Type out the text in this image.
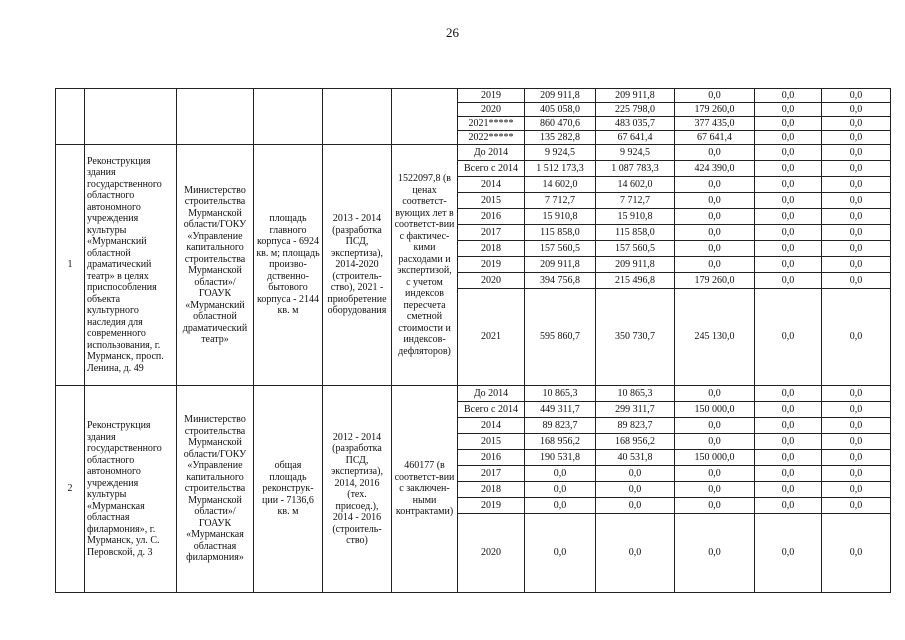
26
						2019	209 911,8	209 911,8	0,0	0,0	0,0
						2020	405 058,0	225 798,0	179 260,0	0,0	0,0
						2021*****	860 470,6	483 035,7	377 435,0	0,0	0,0
						2022*****	135 282,8	67 641,4	67 641,4	0,0	0,0
1	Реконструкция здания государственного областного автономного учреждения культуры «Мурманский областной драматический театр» в целях приспособления объекта культурного наследия для современного использования, г. Мурманск, просп. Ленина, д. 49	Министерство строительства Мурманской области/ГОКУ «Управление капитального строительства Мурманской области»/ ГОАУК «Мурманский областной драматический театр»	площадь главного корпуса - 6924 кв. м; площадь произво-дственно-бытового корпуса - 2144 кв. м	2013 - 2014 (разработка ПСД, экспертиза), 2014-2020 (строитель-ство), 2021 - приобретение оборудования	1522097,8 (в ценах соответст-вующих лет в соответст-вии с фактичес-кими расходами и экспертизой, с учетом индексов пересчета сметной стоимости и индексов-дефляторов)	До 2014	9 924,5	9 924,5	0,0	0,0	0,0
						Всего с 2014	1 512 173,3	1 087 783,3	424 390,0	0,0	0,0
						2014	14 602,0	14 602,0	0,0	0,0	0,0
						2015	7 712,7	7 712,7	0,0	0,0	0,0
						2016	15 910,8	15 910,8	0,0	0,0	0,0
						2017	115 858,0	115 858,0	0,0	0,0	0,0
						2018	157 560,5	157 560,5	0,0	0,0	0,0
						2019	209 911,8	209 911,8	0,0	0,0	0,0
						2020	394 756,8	215 496,8	179 260,0	0,0	0,0
						2021	595 860,7	350 730,7	245 130,0	0,0	0,0
2	Реконструкция здания государственного областного автономного учреждения культуры «Мурманская областная филармония», г. Мурманск, ул. С. Перовской, д. 3	Министерство строительства Мурманской области/ГОКУ «Управление капитального строительства Мурманской области»/ ГОАУК «Мурманская областная филармония»	общая площадь реконструк-ции - 7136,6 кв. м	2012 - 2014 (разработка ПСД, экспертиза), 2014, 2016 (тех. присоед.), 2014 - 2016 (строитель-ство)	460177 (в соответст-вии с заключен-ными контрактами)	До 2014	10 865,3	10 865,3	0,0	0,0	0,0
						Всего с 2014	449 311,7	299 311,7	150 000,0	0,0	0,0
						2014	89 823,7	89 823,7	0,0	0,0	0,0
						2015	168 956,2	168 956,2	0,0	0,0	0,0
						2016	190 531,8	40 531,8	150 000,0	0,0	0,0
						2017	0,0	0,0	0,0	0,0	0,0
						2018	0,0	0,0	0,0	0,0	0,0
						2019	0,0	0,0	0,0	0,0	0,0
						2020	0,0	0,0	0,0	0,0	0,0
